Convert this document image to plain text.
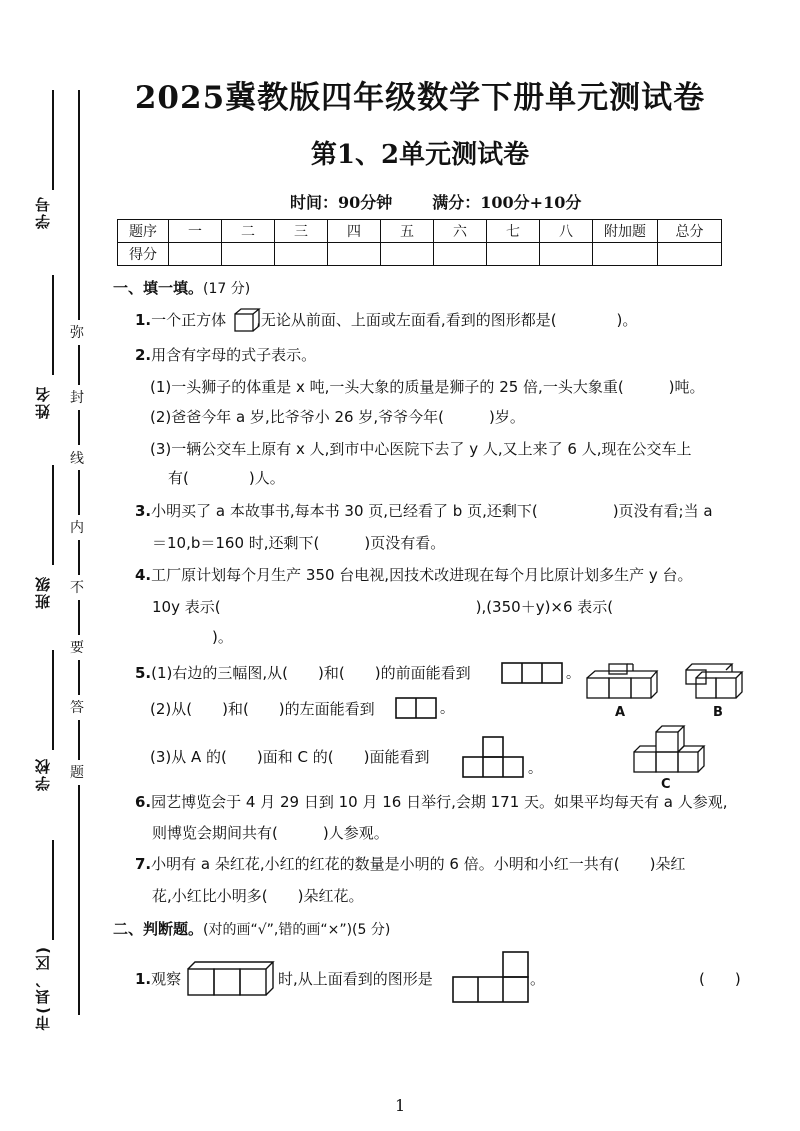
弥
封
线
内
不
要
答
题
学号
姓名
班级
学校
市(县、区)
2025冀教版四年级数学下册单元测试卷
第1、2单元测试卷
时间：90分钟	满分：100分+10分
题序	一	二	三	四	五	六	七	八	附加题	总分
得分										
一、填一填。(17 分)
1.一个正方体 ,无论从前面、上面或左面看,看到的图形都是(　　　　)。
2.用含有字母的式子表示。
(1)一头狮子的体重是 x 吨,一头大象的质量是狮子的 25 倍,一头大象重(　　　)吨。
(2)爸爸今年 a 岁,比爷爷小 26 岁,爷爷今年(　　　)岁。
(3)一辆公交车上原有 x 人,到市中心医院下去了 y 人,又上来了 6 人,现在公交车上
有(　　　　)人。
3.小明买了 a 本故事书,每本书 30 页,已经看了 b 页,还剩下(　　　　　)页没有看;当 a
＝10,b＝160 时,还剩下(　　　)页没有看。
4.工厂原计划每个月生产 350 台电视,因技术改进现在每个月比原计划多生产 y 台。
10y 表示(　　　　　　　　　　　　　　　　　),(350＋y)×6 表示(
　　　　)。
5.(1)右边的三幅图,从(　　)和(　　)的前面能看到	。
A	B
(2)从(　　)和(　　)的左面能看到	。
(3)从 A 的(　　)面和 C 的(　　)面能看到
。
C
6.园艺博览会于 4 月 29 日到 10 月 16 日举行,会期 171 天。如果平均每天有 a 人参观,
则博览会期间共有(　　　)人参观。
7.小明有 a 朵红花,小红的红花的数量是小明的 6 倍。小明和小红一共有(　　)朵红
花,小红比小明多(　　)朵红花。
二、判断题。(对的画“√”,错的画“×”)(5 分)
1.观察	时,从上面看到的图形是	。	(　　)
1
